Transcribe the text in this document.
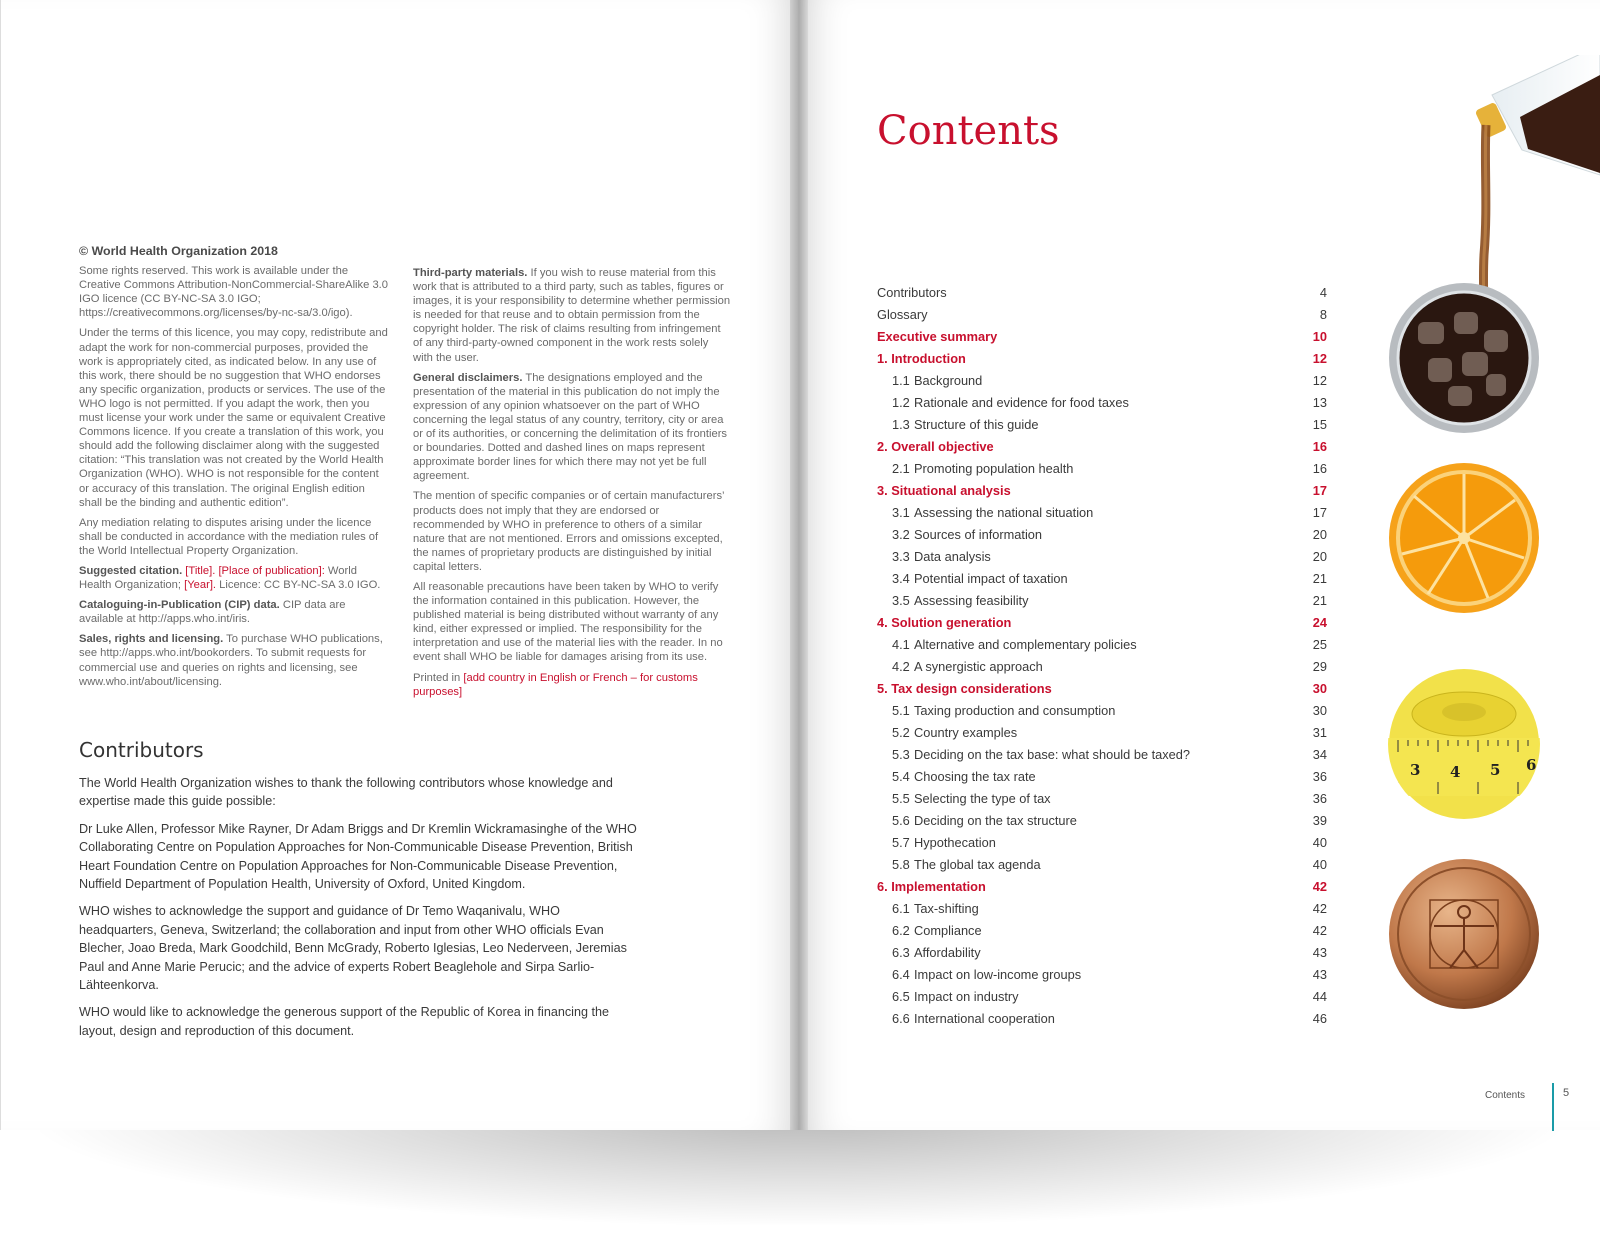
© World Health Organization 2018

Some rights reserved. This work is available under the Creative Commons Attribution-NonCommercial-ShareAlike 3.0 IGO licence (CC BY-NC-SA 3.0 IGO; https://creativecommons.org/licenses/by-nc-sa/3.0/igo).

Under the terms of this licence, you may copy, redistribute and adapt the work for non-commercial purposes, provided the work is appropriately cited, as indicated below. In any use of this work, there should be no suggestion that WHO endorses any specific organization, products or services. The use of the WHO logo is not permitted. If you adapt the work, then you must license your work under the same or equivalent Creative Commons licence. If you create a translation of this work, you should add the following disclaimer along with the suggested citation: “This translation was not created by the World Health Organization (WHO). WHO is not responsible for the content or accuracy of this translation. The original English edition shall be the binding and authentic edition”.

Any mediation relating to disputes arising under the licence shall be conducted in accordance with the mediation rules of the World Intellectual Property Organization.

Suggested citation. [Title]. [Place of publication]: World Health Organization; [Year]. Licence: CC BY-NC-SA 3.0 IGO.

Cataloguing-in-Publication (CIP) data. CIP data are available at http://apps.who.int/iris.

Sales, rights and licensing. To purchase WHO publications, see http://apps.who.int/bookorders. To submit requests for commercial use and queries on rights and licensing, see www.who.int/about/licensing.

Third-party materials. If you wish to reuse material from this work that is attributed to a third party, such as tables, figures or images, it is your responsibility to determine whether permission is needed for that reuse and to obtain permission from the copyright holder. The risk of claims resulting from infringement of any third-party-owned component in the work rests solely with the user.

General disclaimers. The designations employed and the presentation of the material in this publication do not imply the expression of any opinion whatsoever on the part of WHO concerning the legal status of any country, territory, city or area or of its authorities, or concerning the delimitation of its frontiers or boundaries. Dotted and dashed lines on maps represent approximate border lines for which there may not yet be full agreement.

The mention of specific companies or of certain manufacturers’ products does not imply that they are endorsed or recommended by WHO in preference to others of a similar nature that are not mentioned. Errors and omissions excepted, the names of proprietary products are distinguished by initial capital letters.

All reasonable precautions have been taken by WHO to verify the information contained in this publication. However, the published material is being distributed without warranty of any kind, either expressed or implied. The responsibility for the interpretation and use of the material lies with the reader. In no event shall WHO be liable for damages arising from its use.

Printed in [add country in English or French – for customs purposes]

Contributors

The World Health Organization wishes to thank the following contributors whose knowledge and expertise made this guide possible:

Dr Luke Allen, Professor Mike Rayner, Dr Adam Briggs and Dr Kremlin Wickramasinghe of the WHO Collaborating Centre on Population Approaches for Non-Communicable Disease Prevention, British Heart Foundation Centre on Population Approaches for Non-Communicable Disease Prevention, Nuffield Department of Population Health, University of Oxford, United Kingdom.

WHO wishes to acknowledge the support and guidance of Dr Temo Waqanivalu, WHO headquarters, Geneva, Switzerland; the collaboration and input from other WHO officials Evan Blecher, Joao Breda, Mark Goodchild, Benn McGrady, Roberto Iglesias, Leo Nederveen, Jeremias Paul and Anne Marie Perucic; and the advice of experts Robert Beaglehole and Sirpa Sarlio-Lähteenkorva.

WHO would like to acknowledge the generous support of the Republic of Korea in financing the layout, design and reproduction of this document.

Contents
Contributors	4
Glossary	8
Executive summary	10
1. Introduction	12
1.1 Background	12
1.2 Rationale and evidence for food taxes	13
1.3 Structure of this guide	15
2. Overall objective	16
2.1 Promoting population health	16
3. Situational analysis	17
3.1 Assessing the national situation	17
3.2 Sources of information	20
3.3 Data analysis	20
3.4 Potential impact of taxation	21
3.5 Assessing feasibility	21
4. Solution generation	24
4.1 Alternative and complementary policies	25
4.2 A synergistic approach	29
5. Tax design considerations	30
5.1 Taxing production and consumption	30
5.2 Country examples	31
5.3 Deciding on the tax base: what should be taxed?	34
5.4 Choosing the tax rate	36
5.5 Selecting the type of tax	36
5.6 Deciding on the tax structure	39
5.7 Hypothecation	40
5.8 The global tax agenda	40
6. Implementation	42
6.1 Tax-shifting	42
6.2 Compliance	42
6.3 Affordability	43
6.4 Impact on low-income groups	43
6.5 Impact on industry	44
6.6 International cooperation	46
3 4 5 6
Contents	5
